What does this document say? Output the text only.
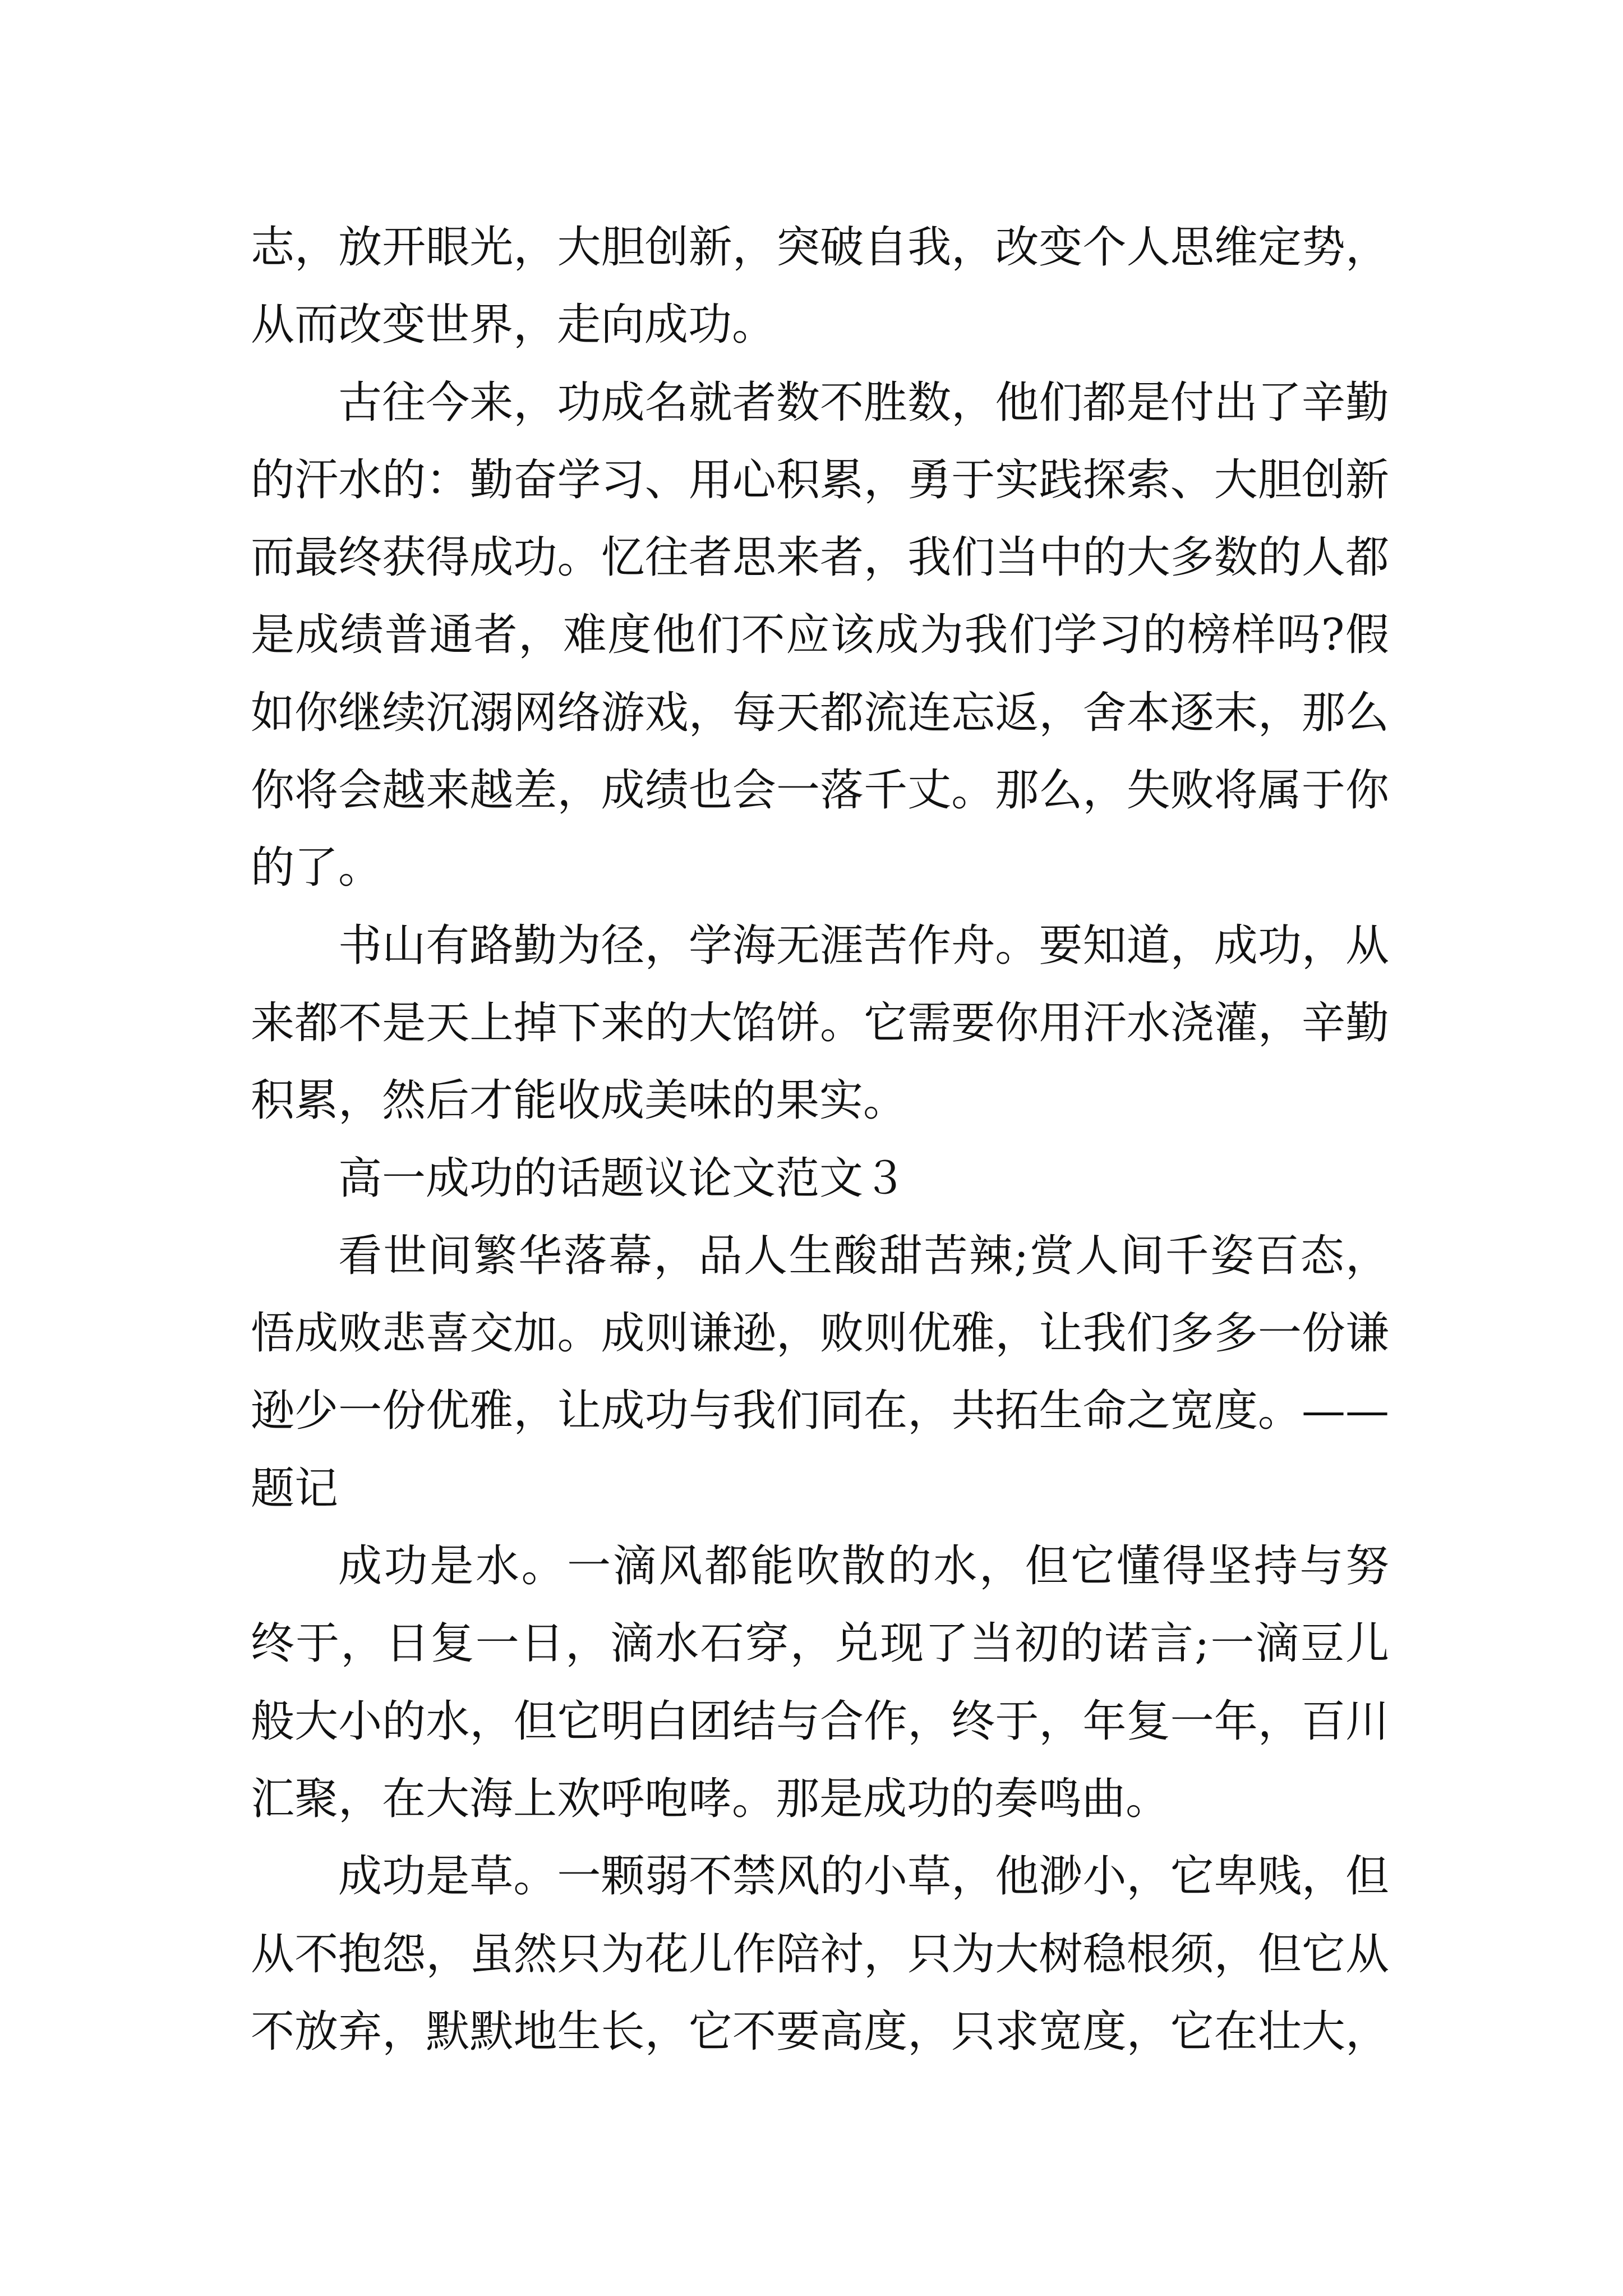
志，放开眼光，大胆创新，突破自我，改变个人思维定势，
从而改变世界，走向成功。
古往今来，功成名就者数不胜数，他们都是付出了辛勤
的汗水的：勤奋学习、用心积累，勇于实践探索、大胆创新
而最终获得成功。忆往者思来者，我们当中的大多数的人都
是成绩普通者，难度他们不应该成为我们学习的榜样吗?假
如你继续沉溺网络游戏，每天都流连忘返，舍本逐末，那么
你将会越来越差，成绩也会一落千丈。那么，失败将属于你
的了。
书山有路勤为径，学海无涯苦作舟。要知道，成功，从
来都不是天上掉下来的大馅饼。它需要你用汗水浇灌，辛勤
积累，然后才能收成美味的果实。
高一成功的话题议论文范文３
看世间繁华落幕，品人生酸甜苦辣;赏人间千姿百态，
悟成败悲喜交加。成则谦逊，败则优雅，让我们多多一份谦
逊少一份优雅，让成功与我们同在，共拓生命之宽度。——
题记
成功是水。一滴风都能吹散的水，但它懂得坚持与努
终于，日复一日，滴水石穿，兑现了当初的诺言;一滴豆儿
般大小的水，但它明白团结与合作，终于，年复一年，百川
汇聚，在大海上欢呼咆哮。那是成功的奏鸣曲。
成功是草。一颗弱不禁风的小草，他渺小，它卑贱，但
从不抱怨，虽然只为花儿作陪衬，只为大树稳根须，但它从
不放弃，默默地生长，它不要高度，只求宽度，它在壮大，
